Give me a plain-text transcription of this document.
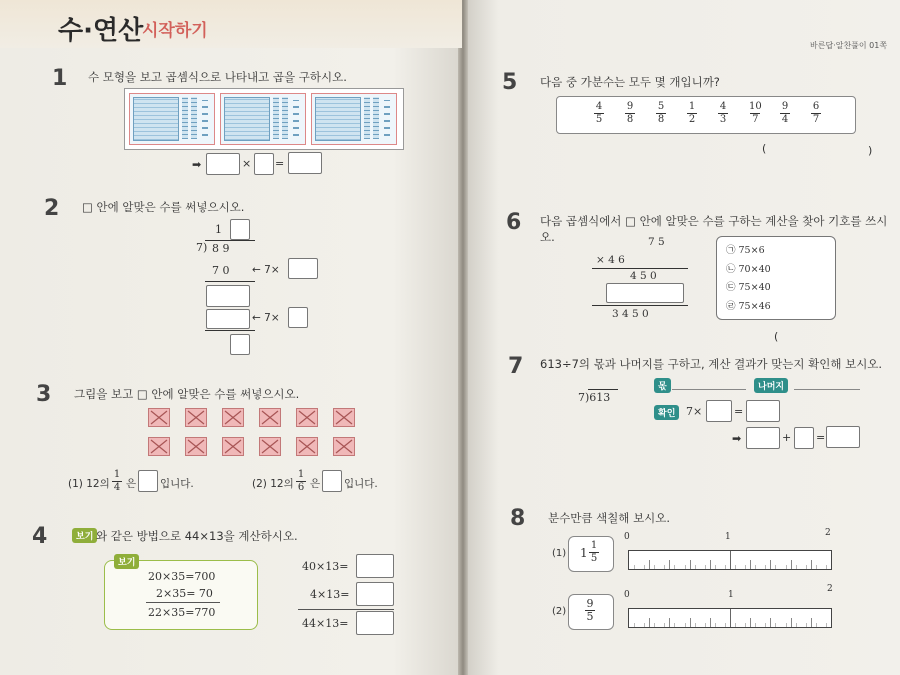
수·연산
시작하기
바른답·알찬풀이 01쪽
1 수 모형을 보고 곱셈식으로 나타내고 곱을 구하시오.
➡	× =
2 □ 안에 알맞은 수를 써넣으시오.
1
7) 8 9
7 0 ← 7×
← 7×
3 그림을 보고 □ 안에 알맞은 수를 써넣으시오.
(1) 12의
1
4 은 입니다.	(2) 12의
1
6 은 입니다.
4	보기 와 같은 방법으로 44×13을 계산하시오.
보기
20×35=700
2×35= 70
22×35=770
40×13=
4×13=
44×13=
5 다음 중 가분수는 모두 몇 개입니까?
4
5
9
8
5
8
1
2
4
3
10
7
9
4
6
7
(	)
6 다음 곱셈식에서 □ 안에 알맞은 수를 구하는 계산을 찾아 기호를 쓰시오.	7 5
× 4 6
4 5 0
3 4 5 0
㉠ 75×6
㉡ 70×40
㉢ 75×40
㉣ 75×46
(
7 613÷7의 몫과 나머지를 구하고, 계산 결과가 맞는지 확인해 보시오.
7)613
몫	나머지
확인 7×	=
➡	+ =
8 분수만큼 색칠해 보시오.
(1) 1
1
5
0	1	2
(2)
9
5
0	1
2
